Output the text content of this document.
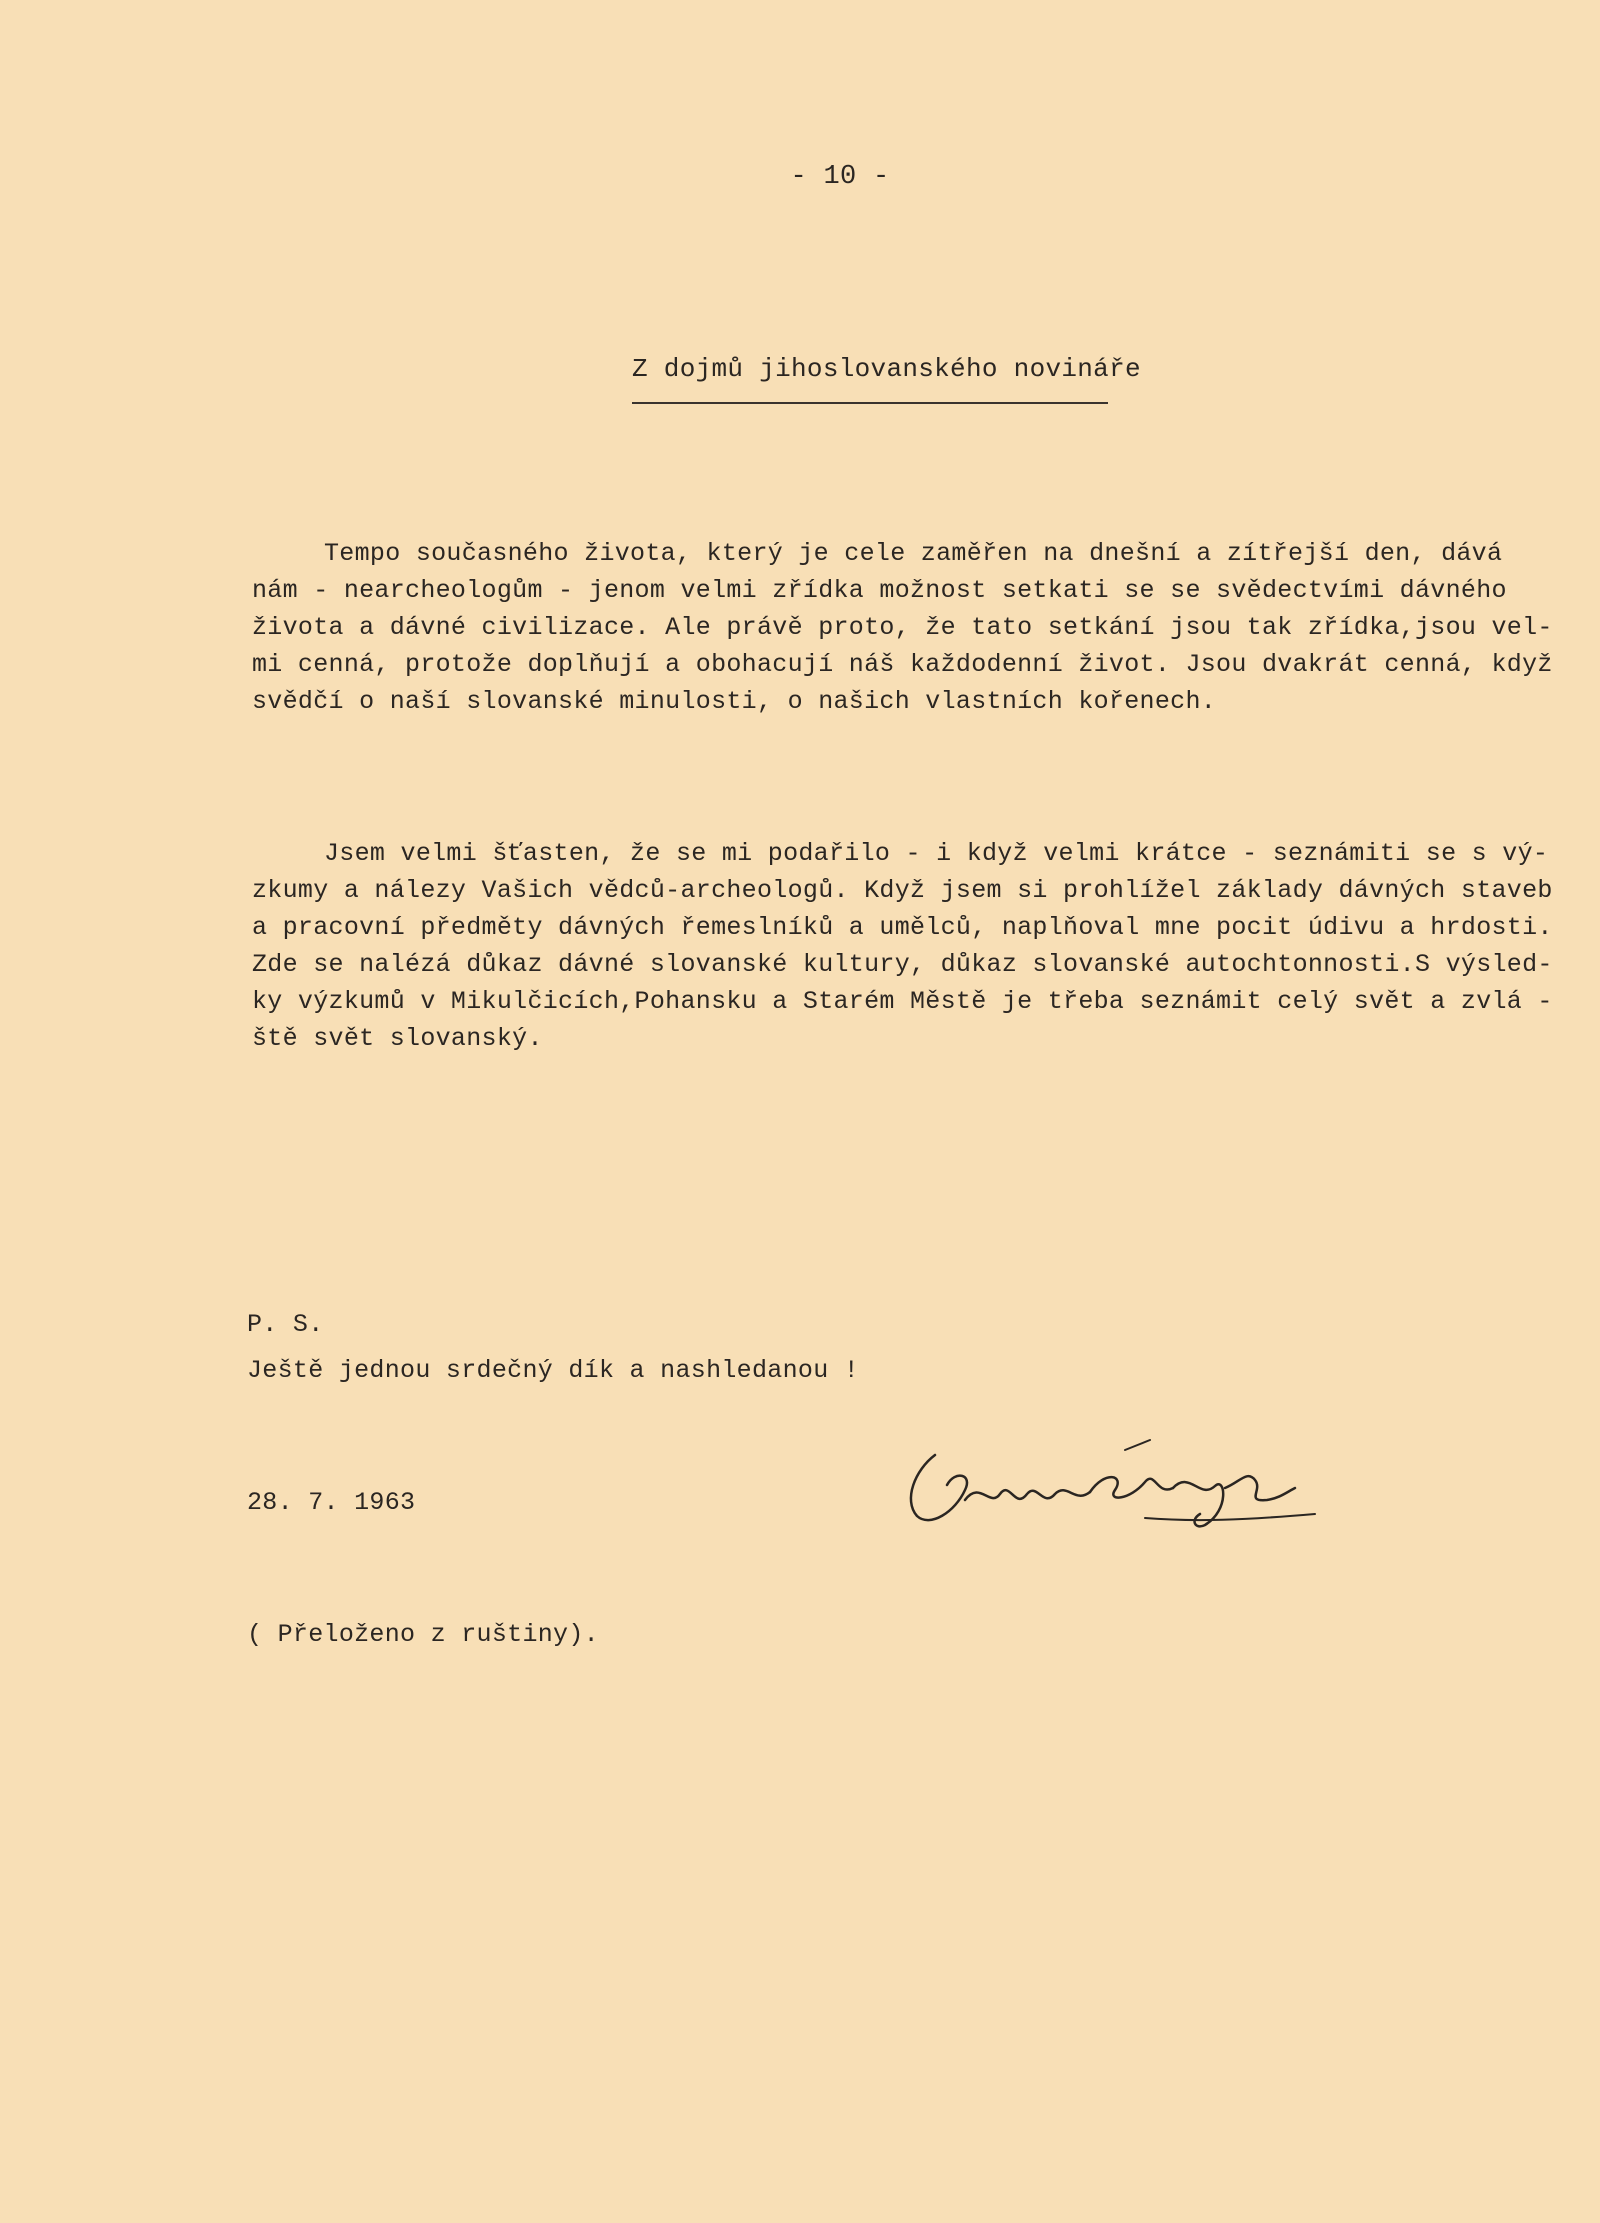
- 10 -
Z dojmů jihoslovanského novináře
Tempo současného života, který je cele zaměřen na dnešní a zítřejší den, dává
nám - nearcheologům - jenom velmi zřídka možnost setkati se se svědectvími dávného
života a dávné civilizace. Ale právě proto, že tato setkání jsou tak zřídka,jsou vel-
mi cenná, protože doplňují a obohacují náš každodenní život. Jsou dvakrát cenná, když
svědčí o naší slovanské minulosti, o našich vlastních kořenech.
Jsem velmi šťasten, že se mi podařilo - i když velmi krátce - seznámiti se s vý-
zkumy a nálezy Vašich vědců-archeologů. Když jsem si prohlížel základy dávných staveb
a pracovní předměty dávných řemeslníků a umělců, naplňoval mne pocit údivu a hrdosti.
Zde se nalézá důkaz dávné slovanské kultury, důkaz slovanské autochtonnosti.S výsled-
ky výzkumů v Mikulčicích,Pohansku a Starém Městě je třeba seznámit celý svět a zvlá -
ště svět slovanský.
P. S.
Ještě jednou srdečný dík a nashledanou !
28. 7. 1963
( Přeloženo z ruštiny).
